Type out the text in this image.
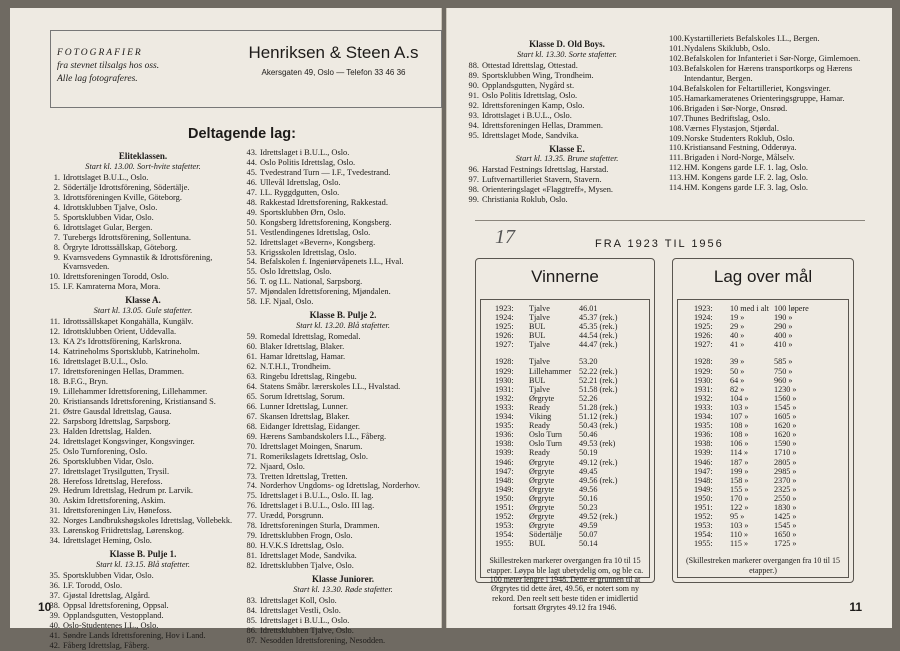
FOTOGRAFIER
fra stevnet tilsalgs hos oss.
Alle lag fotograferes.
Henriksen & Steen A.s
Akersgaten 49, Oslo — Telefon 33 46 36
Deltagende lag:
Eliteklassen.
Start kl. 13.00. Sort-hvite stafetter.
1. Idrottslaget B.U.L., Oslo.
2. Södertälje Idrottsförening, Södertälje.
3. Idrottsföreningen Kville, Göteborg.
4. Idrottsklubben Tjalve, Oslo.
5. Sportsklubben Vidar, Oslo.
6. Idrottslaget Gular, Bergen.
7. Turebergs Idrottsförening, Sollentuna.
8. Örgryte Idrottssällskap, Göteborg.
9. Kvarnsvedens Gymnastik & Idrottsförening, Kvarnsveden.
10. Idrettsforeningen Torodd, Oslo.
15. I.F. Kamraterna Mora, Mora.
Klasse A.
Start kl. 13.05. Gule stafetter.
11. Idrottssällskapet Kongahälla, Kungälv.
12. Idrottsklubben Orient, Uddevalla.
13. KA 2's Idrottsförening, Karlskrona.
14. Katrineholms Sportsklubb, Katrineholm.
16. Idrettslaget B.U.L., Oslo.
17. Idrettsforeningen Hellas, Drammen.
18. B.F.G., Bryn.
19. Lillehammer Idrettsforening, Lillehammer.
20. Kristiansands Idrettsforening, Kristiansand S.
21. Østre Gausdal Idrettslag, Gausa.
22. Sarpsborg Idrettslag, Sarpsborg.
23. Halden Idrettslag, Halden.
24. Idrettslaget Kongsvinger, Kongsvinger.
25. Oslo Turnforening, Oslo.
26. Sportsklubben Vidar, Oslo.
27. Idrettslaget Trysilgutten, Trysil.
28. Herefoss Idrettslag, Herefoss.
29. Hedrum Idrettslag, Hedrum pr. Larvik.
30. Askim Idrettsforening, Askim.
31. Idrettsforeningen Liv, Hønefoss.
32. Norges Landbrukshøgskoles Idrettslag, Vollebekk.
33. Lørenskog Friidrettslag, Lørenskog.
34. Idrettslaget Heming, Oslo.
Klasse B. Pulje 1.
Start kl. 13.15. Blå stafetter.
35. Sportsklubben Vidar, Oslo.
36. I.F. Torodd, Oslo.
37. Gjøstal Idrettslag, Algård.
38. Oppsal Idrettsforening, Oppsal.
39. Opplandsgutten, Vestoppland.
40. Oslo-Studentenes I.L., Oslo.
41. Søndre Lands Idrettsforening, Hov i Land.
42. Fåberg Idrettslag, Fåberg.
43. Idrettslaget i B.U.L., Oslo.
44. Oslo Politis Idrettslag, Oslo.
45. Tvedestrand Turn — I.F., Tvedestrand.
46. Ullevål Idrettslag, Oslo.
47. I.L. Ryggdgutten, Oslo.
48. Rakkestad Idrettsforening, Rakkestad.
49. Sportsklubben Ørn, Oslo.
50. Kongsberg Idrettsforening, Kongsberg.
51. Vestlendingenes Idrettslag, Oslo.
52. Idrettslaget «Bevern», Kongsberg.
53. Krigsskolen Idrettslag, Oslo.
54. Befalskolen f. Ingeniørvåpenets I.L., Hval.
55. Oslo Idrettslag, Oslo.
56. T. og I.L. National, Sarpsborg.
57. Mjøndalen Idrettsforening, Mjøndalen.
58. I.F. Njaal, Oslo.
Klasse B. Pulje 2.
Start kl. 13.20. Blå stafetter.
59. Romedal Idrettslag, Romedal.
60. Blaker Idrettslag, Blaker.
61. Hamar Idrettslag, Hamar.
62. N.T.H.I., Trondheim.
63. Ringebu Idrettslag, Ringebu.
64. Statens Småbr. lærerskoles I.L., Hvalstad.
65. Sorum Idrettslag, Sorum.
66. Lunner Idrettslag, Lunner.
67. Skansen Idrettslag, Blaker.
68. Eidanger Idrettslag, Eidanger.
69. Hærens Sambandskolers I.L., Fåberg.
70. Idrettslaget Moingen, Snarum.
71. Romerikslagets Idrettslag, Oslo.
72. Njaard, Oslo.
73. Tretten Idrettslag, Tretten.
74. Norderhov Ungdoms- og Idrettslag, Norderhov.
75. Idrettslaget i B.U.L., Oslo. II. lag.
76. Idrettslaget i B.U.L., Oslo. III lag.
77. Urædd, Porsgrunn.
78. Idrettsforeningen Sturla, Drammen.
79. Idrettsklubben Frogn, Oslo.
80. H.V.K.S Idrettslag, Oslo.
81. Idrettslaget Mode, Sandvika.
82. Idrettsklubben Tjalve, Oslo.
Klasse Juniorer.
Start kl. 13.30. Røde stafetter.
83. Idrettslaget Koll, Oslo.
84. Idrettslaget Vestli, Oslo.
85. Idrettslaget i B.U.L., Oslo.
86. Idrettsklubben Tjalve, Oslo.
87. Nesodden Idrettsforening, Nesodden.
10
Klasse D. Old Boys.
Start kl. 13.30. Sorte stafetter.
88. Ottestad Idrettslag, Ottestad.
89. Sportsklubben Wing, Trondheim.
90. Opplandsgutten, Nygård st.
91. Oslo Politis Idrettslag, Oslo.
92. Idrettsforeningen Kamp, Oslo.
93. Idrottslaget i B.U.L., Oslo.
94. Idrettsforeningen Hellas, Drammen.
95. Idrettslaget Mode, Sandvika.
Klasse E.
Start kl. 13.35. Brune stafetter.
96. Harstad Festnings Idrettslag, Harstad.
97. Luftvernartilleriet Stavern, Stavern.
98. Orienteringslaget «Flaggtreff», Mysen.
99. Christiania Roklub, Oslo.
100. Kystartilleriets Befalskoles I.L., Bergen.
101. Nydalens Skiklubb, Oslo.
102. Befalskolen for Infanteriet i Sør-Norge, Gimlemoen.
103. Befalskolen for Hærens transportkorps og Hærens Intendantur, Bergen.
104. Befalskolen for Feltartilleriet, Kongsvinger.
105. Hamarkameratenes Orienteringsgruppe, Hamar.
106. Brigaden i Sør-Norge, Onsrød.
107. Thunes Bedriftslag, Oslo.
108. Værnes Flystasjon, Stjørdal.
109. Norske Studenters Roklub, Oslo.
110. Kristiansand Festning, Odderøya.
111. Brigaden i Nord-Norge, Målselv.
112. HM. Kongens garde I.F. 1. lag, Oslo.
113. HM. Kongens garde I.F. 2. lag, Oslo.
114. HM. Kongens garde I.F. 3. lag, Oslo.
17	FRA 1923 TIL 1956
Vinnerne
1923:	Tjalve	46.01
1924:	Tjalve	45.37 (rek.)
1925:	BUL	45.35 (rek.)
1926:	BUL	44.54 (rek.)
1927:	Tjalve	44.47 (rek.)
1928:	Tjalve	53.20
1929:	Lillehammer 52.22 (rek.)
1930:	BUL	52.21 (rek.)
1931:	Tjalve	51.58 (rek.)
1932:	Ørgryte	52.26
1933:	Ready	51.28 (rek.)
1934:	Viking	51.12 (rek.)
1935:	Ready	50.43 (rek.)
1936:	Oslo Turn	50.46
1938:	Oslo Turn	49.53 (rek)
1939:	Ready	50.19
1946:	Ørgryte	49.12 (rek.)
1947:	Ørgryte	49.45
1948:	Ørgryte	49.56 (rek.)
1949:	Ørgryte	49.56
1950:	Ørgryte	50.16
1951:	Ørgryte	50.23
1952:	Ørgryte	49.52 (rek.)
1953:	Ørgryte	49.59
1954:	Södertälje	50.07
1955:	BUL	50.14
Skillestreken markerer overgangen fra 10 til 15 etapper. Løypa ble lagt ubetydelig om, og ble ca. 100 meter lengre i 1948. Dette er grunnen til at Ørgrytes tid dette året, 49.56, er notert som ny rekord. Den reelt sett beste tiden er imidlertid fortsatt Ørgrytes 49.12 fra 1946.
Lag over mål
1923:	10 med i alt 100 løpere
1924:	19 »	190 »
1925:	29 »	290 »
1926:	40 »	400 »
1927:	41 »	410 »
1928:	39 »	585 »
1929:	50 »	750 »
1930:	64 »	960 »
1931:	82 »	1230 »
1932:	104 »	1560 »
1933:	103 »	1545 »
1934:	107 »	1605 »
1935:	108 »	1620 »
1936:	108 »	1620 »
1938:	106 »	1590 »
1939:	114 »	1710 »
1946:	187 »	2805 »
1947:	199 »	2985 »
1948:	158 »	2370 »
1949:	155 »	2325 »
1950:	170 »	2550 »
1951:	122 »	1830 »
1952:	95 »	1425 »
1953:	103 »	1545 »
1954:	110 »	1650 »
1955:	115 »	1725 »
(Skillestreken markerer overgangen fra 10 til 15 etapper.)
11
